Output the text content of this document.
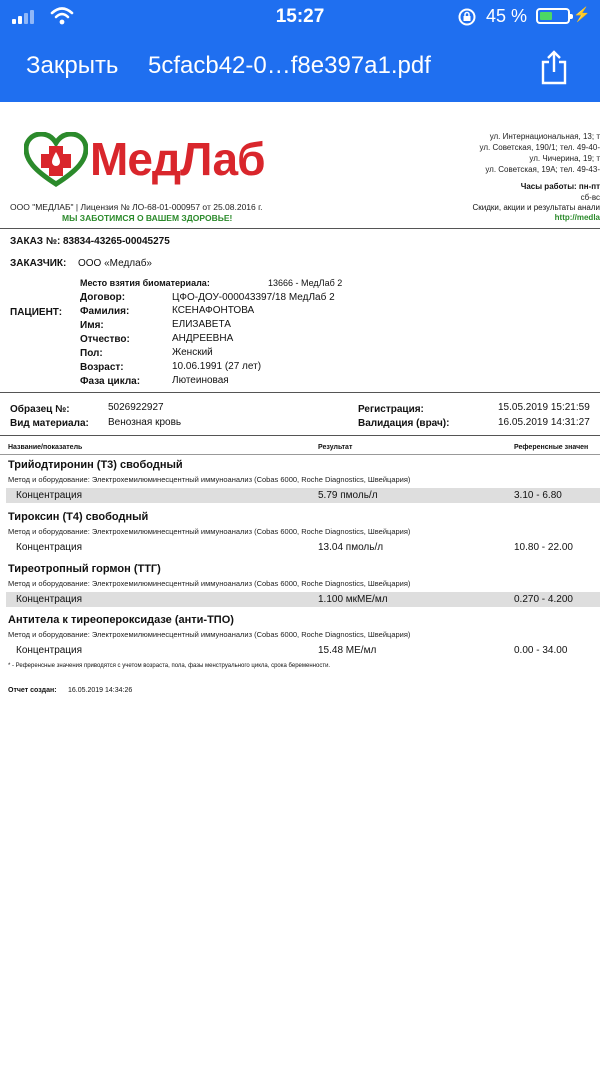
15:27	45 %	⚡
Закрыть 5cfacb42-0…f8e397a1.pdf
МедЛаб
ООО "МЕДЛАБ" | Лицензия № ЛО-68-01-000957 от 25.08.2016 г.
МЫ ЗАБОТИМСЯ О ВАШЕМ ЗДОРОВЬЕ!
ул. Интернациональная, 13; т
ул. Советская, 190/1; тел. 49-40-
ул. Чичерина, 19; т
ул. Советская, 19А; тел. 49-43-
Часы работы: пн-пт
сб-вс
Скидки, акции и результаты анали
http://medla
ЗАКАЗ №: 83834-43265-00045275
ЗАКАЗЧИК: ООО «Медлаб»
ПАЦИЕНТ:
Место взятия биоматериала:	13666 - МедЛаб 2
Договор:	ЦФО-ДОУ-000043397/18 МедЛаб 2
Фамилия:	КСЕНАФОНТОВА
Имя:	ЕЛИЗАВЕТА
Отчество:	АНДРЕЕВНА
Пол:	Женский
Возраст:	10.06.1991 (27 лет)
Фаза цикла:	Лютеиновая
Образец №:	5026922927
Вид материала: Венозная кровь
Регистрация:	15.05.2019 15:21:59
Валидация (врач):	16.05.2019 14:31:27
Название/показатель	Результат	Референсные значен
Трийодтиронин (Т3) свободный
Метод и оборудование: Электрохемилюминесцентный иммуноанализ (Cobas 6000, Roche Diagnostics, Швейцария)
Концентрация	5.79 пмоль/л	3.10 - 6.80
Тироксин (Т4) свободный
Метод и оборудование: Электрохемилюминесцентный иммуноанализ (Cobas 6000, Roche Diagnostics, Швейцария)
Концентрация	13.04 пмоль/л	10.80 - 22.00
Тиреотропный гормон (ТТГ)
Метод и оборудование: Электрохемилюминесцентный иммуноанализ (Cobas 6000, Roche Diagnostics, Швейцария)
Концентрация	1.100 мкМЕ/мл	0.270 - 4.200
Антитела к тиреопероксидазе (анти-ТПО)
Метод и оборудование: Электрохемилюминесцентный иммуноанализ (Cobas 6000, Roche Diagnostics, Швейцария)
Концентрация	15.48 МЕ/мл	0.00 - 34.00
* - Референсные значения приводятся с учетом возраста, пола, фазы менструального цикла, срока беременности.
Отчет создан: 16.05.2019 14:34:26
